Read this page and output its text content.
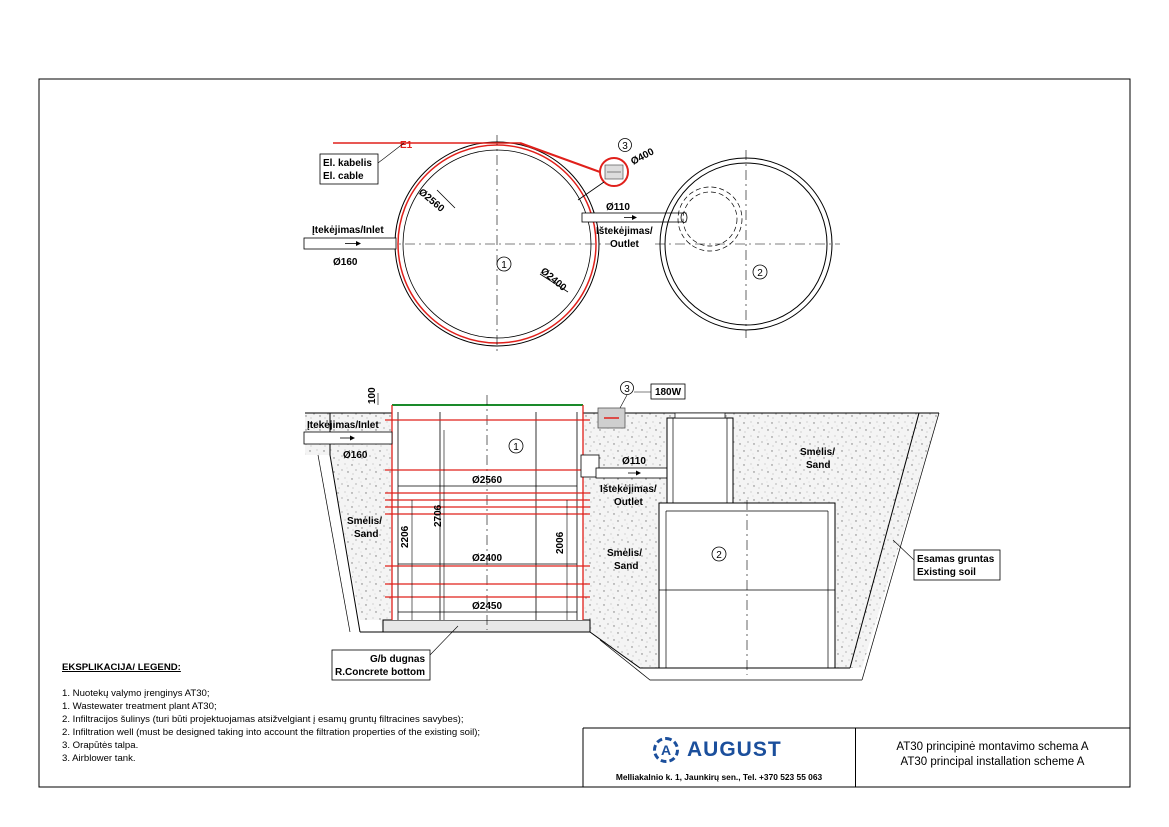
1
Ø2560
Ø2400
Įtekėjimas/Inlet
Ø160
E1
El. kabelis
El. cable
3 Ø400
Ø110
Ištekėjimas/
Outlet
2
Ø2560
Ø2400
Ø2450
1
2206
2706
2006
100
Įtekėjimas/Inlet
Ø160
3	180W
Ø110
Ištekėjimas/
Outlet
2
Smėlis/
Sand
Smėlis/
Sand
Smėlis/
Sand
Esamas gruntas
Existing soil
G/b dugnas
R.Concrete bottom
EKSPLIKACIJA/ LEGEND:
1. Nuotekų valymo įrenginys AT30;
1. Wastewater treatment plant AT30;
2. Infiltracijos šulinys (turi būti projektuojamas atsižvelgiant į esamų gruntų filtracines savybes);
2. Infiltration well (must be designed taking into account the filtration properties of the existing soil);
3. Orapūtės talpa.
3. Airblower tank.
A AUGUST
Melliakalnio k. 1, Jaunkirų sen., Tel. +370 523 55 063
AT30 principinė montavimo schema A
AT30 principal installation scheme A
